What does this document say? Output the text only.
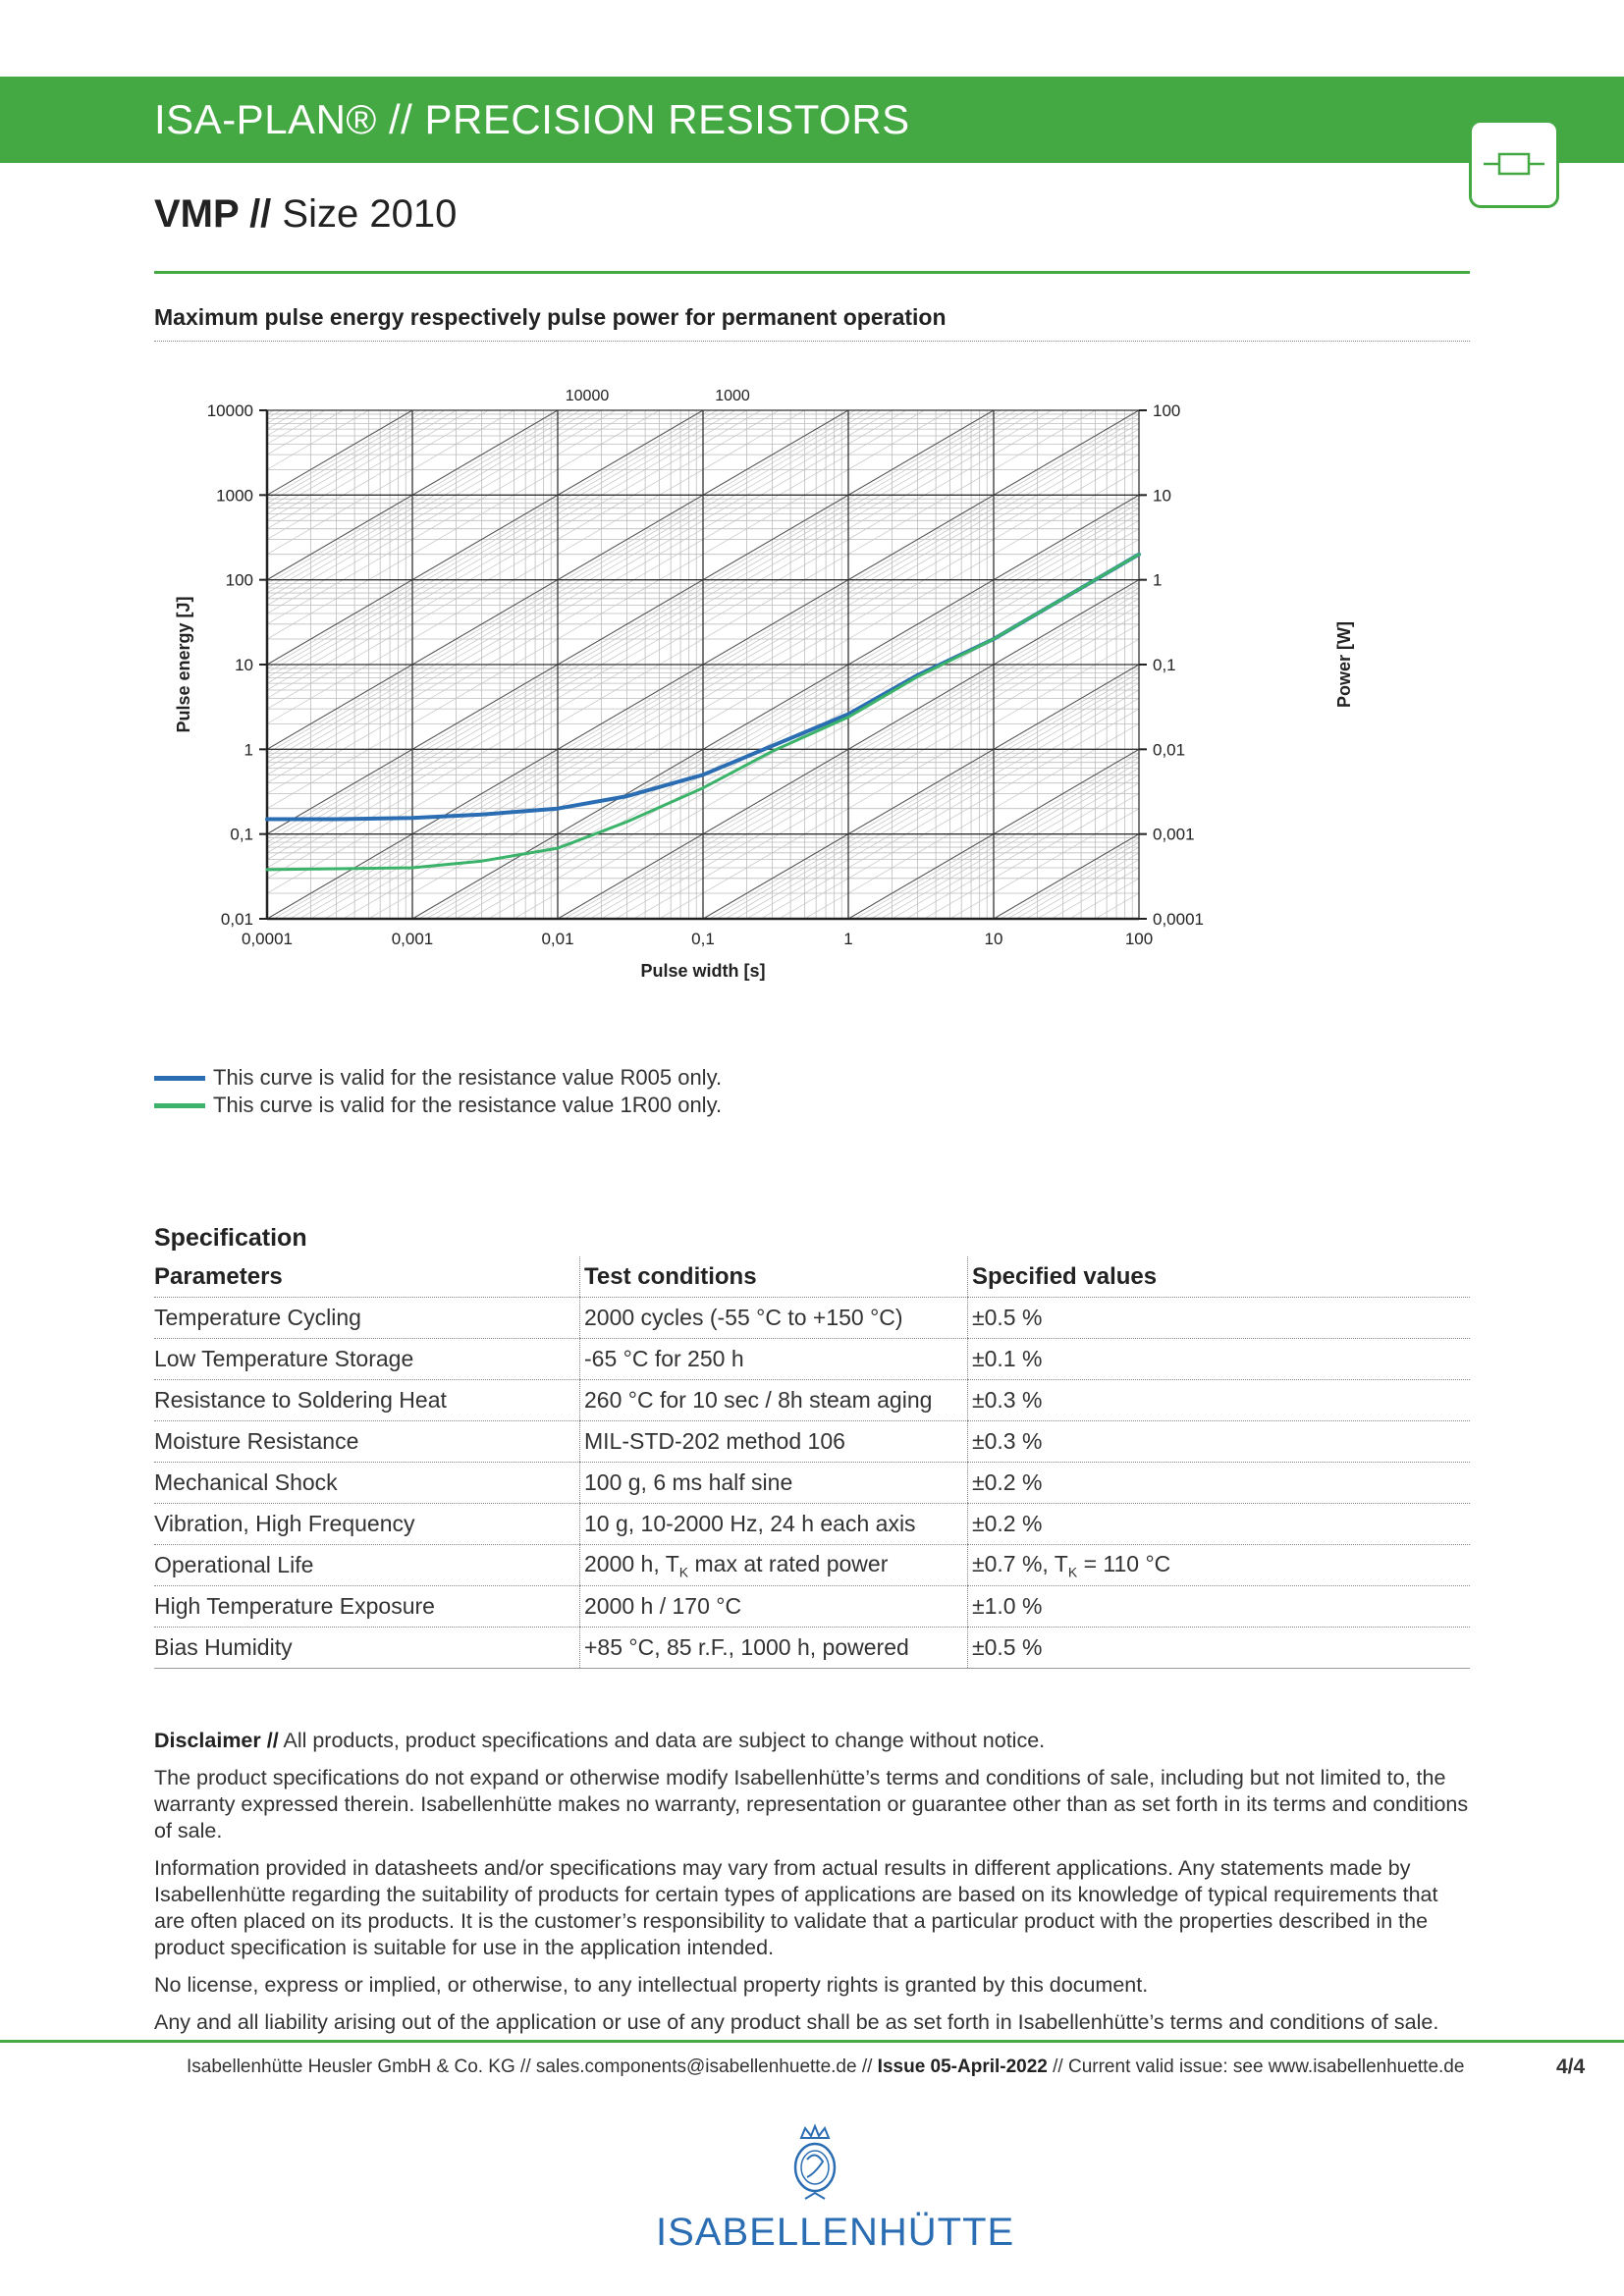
ISA-PLAN® // PRECISION RESISTORS
VMP // Size 2010
Maximum pulse energy respectively pulse power for permanent operation
0,01
0,1
1
10
100
1000
10000
0,0001
0,001
0,01
0,1
1
10
100
0,0001	0,001	0,01	0,1	1	10	100
10000	1000
Pulse width [s]
Pulse energy [J]	Power [W]
This curve is valid for the resistance value R005 only.
This curve is valid for the resistance value 1R00 only.
Specification
Parameters	Test conditions	Specified values
Temperature Cycling	2000 cycles (-55 °C to +150 °C)	±0.5 %
Low Temperature Storage	-65 °C for 250 h	±0.1 %
Resistance to Soldering Heat	260 °C for 10 sec / 8h steam aging	±0.3 %
Moisture Resistance	MIL-STD-202 method 106	±0.3 %
Mechanical Shock	100 g, 6 ms half sine	±0.2 %
Vibration, High Frequency	10 g, 10-2000 Hz, 24 h each axis	±0.2 %
Operational Life	2000 h, $T_K$ max at rated power	±0.7 %, $T_K = 110$ °C
High Temperature Exposure	2000 h / 170 °C	±1.0 %
Bias Humidity	+85 °C, 85 r.F., 1000 h, powered	±0.5 %

Disclaimer // All products, product specifications and data are subject to change without notice.

The product specifications do not expand or otherwise modify Isabellenhütte’s terms and conditions of sale, including but not limited to, the warranty expressed therein. Isabellenhütte makes no warranty, representation or guarantee other than as set forth in its terms and conditions of sale.

Information provided in datasheets and/or specifications may vary from actual results in different applications. Any statements made by Isabellenhütte regarding the suitability of products for certain types of applications are based on its knowledge of typical requirements that are often placed on its products. It is the customer’s responsibility to validate that a particular product with the properties described in the product specification is suitable for use in the application intended.

No license, express or implied, or otherwise, to any intellectual property rights is granted by this document.

Any and all liability arising out of the application or use of any product shall be as set forth in Isabellenhütte’s terms and conditions of sale.

Isabellenhütte Heusler GmbH & Co. KG // sales.components@isabellenhuette.de // Issue 05-April-2022 // Current valid issue: see www.isabellenhuette.de	4/4
ISABELLENHÜTTE
